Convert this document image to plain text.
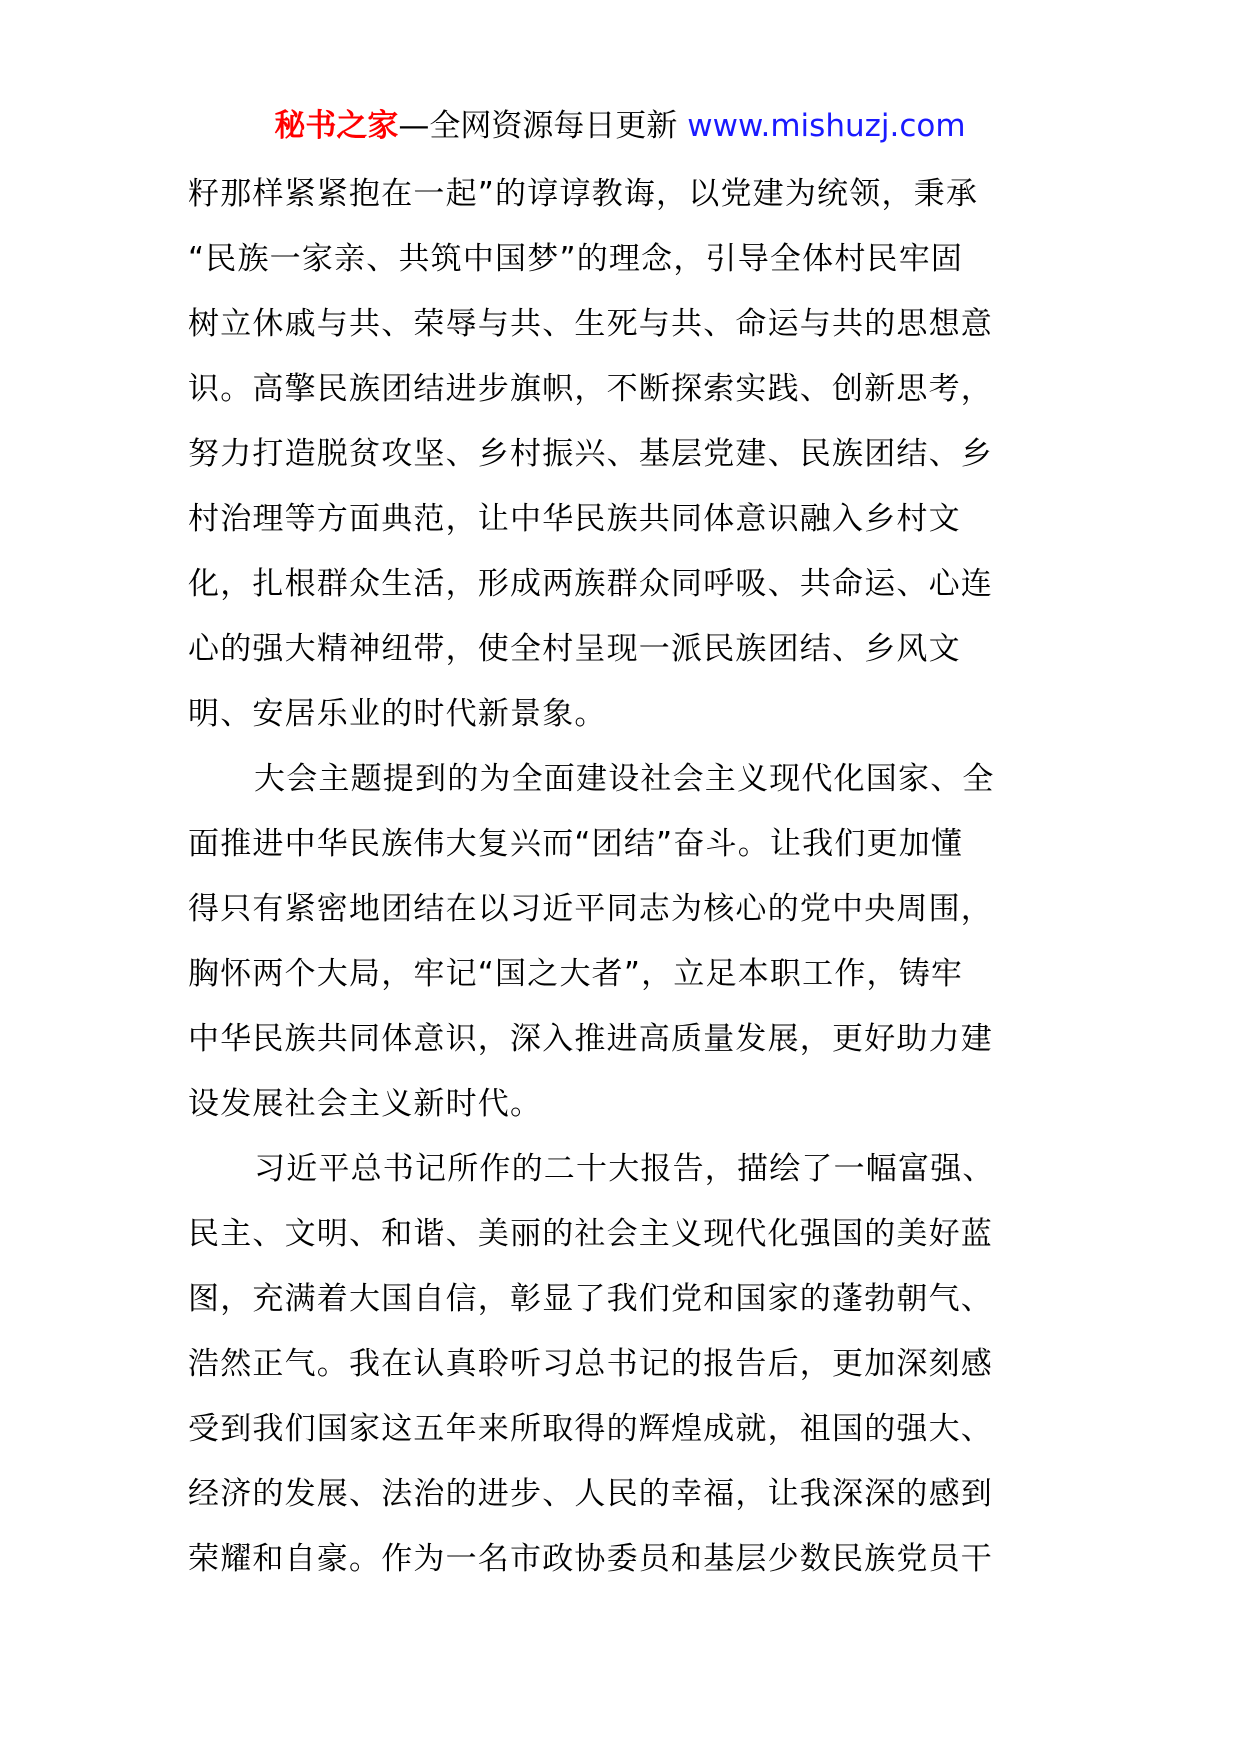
秘书之家—全网资源每日更新 www.mishuzj.com
籽那样紧紧抱在一起”的谆谆教诲，以党建为统领，秉承
“民族一家亲、共筑中国梦”的理念，引导全体村民牢固
树立休戚与共、荣辱与共、生死与共、命运与共的思想意
识。高擎民族团结进步旗帜，不断探索实践、创新思考，
努力打造脱贫攻坚、乡村振兴、基层党建、民族团结、乡
村治理等方面典范，让中华民族共同体意识融入乡村文
化，扎根群众生活，形成两族群众同呼吸、共命运、心连
心的强大精神纽带，使全村呈现一派民族团结、乡风文
明、安居乐业的时代新景象。
大会主题提到的为全面建设社会主义现代化国家、全
面推进中华民族伟大复兴而“团结”奋斗。让我们更加懂
得只有紧密地团结在以习近平同志为核心的党中央周围，
胸怀两个大局，牢记“国之大者”，立足本职工作，铸牢
中华民族共同体意识，深入推进高质量发展，更好助力建
设发展社会主义新时代。
习近平总书记所作的二十大报告，描绘了一幅富强、
民主、文明、和谐、美丽的社会主义现代化强国的美好蓝
图，充满着大国自信，彰显了我们党和国家的蓬勃朝气、
浩然正气。我在认真聆听习总书记的报告后，更加深刻感
受到我们国家这五年来所取得的辉煌成就，祖国的强大、
经济的发展、法治的进步、人民的幸福，让我深深的感到
荣耀和自豪。作为一名市政协委员和基层少数民族党员干
